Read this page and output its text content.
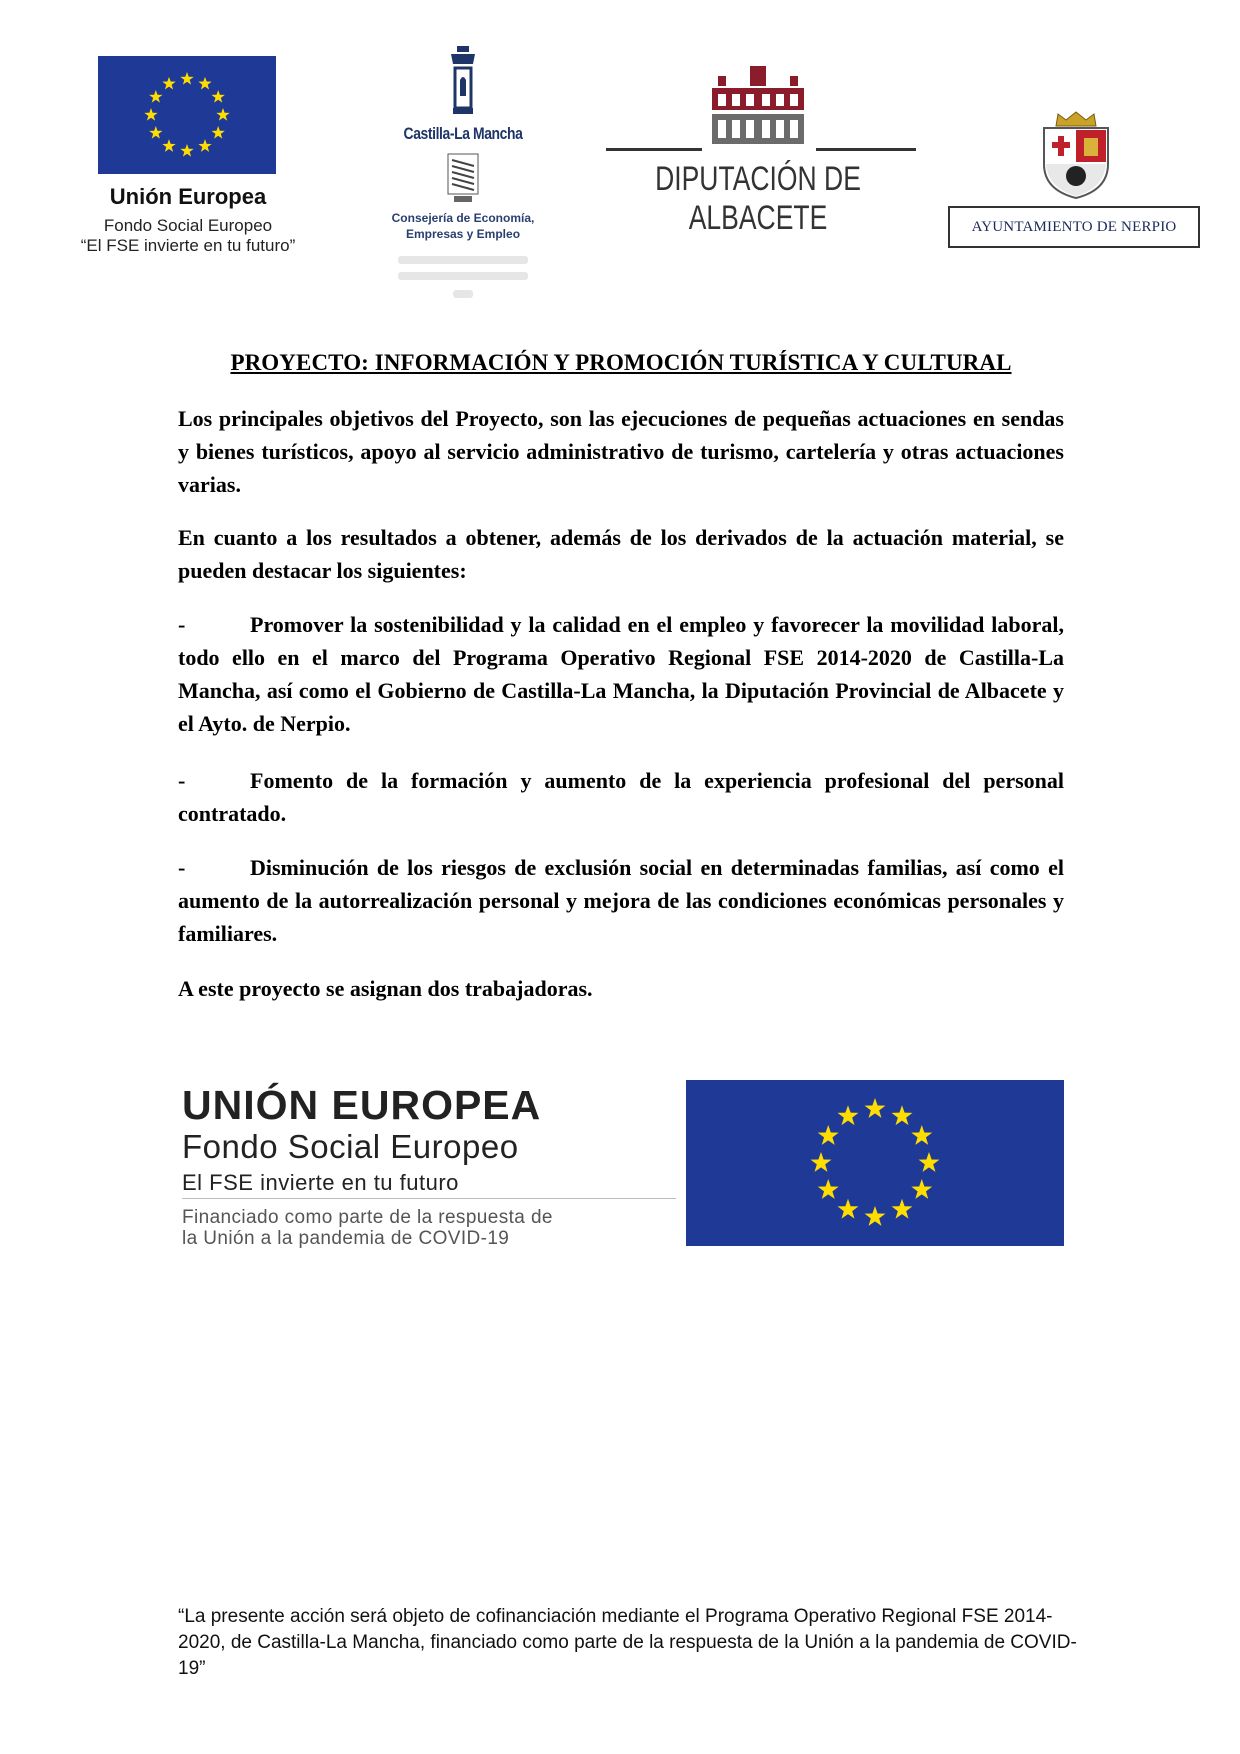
Unión Europea
Fondo Social Europeo
“El FSE invierte en tu futuro”
Castilla-La Mancha
Consejería de Economía,
Empresas y Empleo
DIPUTACIÓN DE ALBACETE	AYUNTAMIENTO DE NERPIO
PROYECTO: INFORMACIÓN Y PROMOCIÓN TURÍSTICA Y CULTURAL
Los principales objetivos del Proyecto, son las ejecuciones de pequeñas actuaciones en sendas y bienes turísticos, apoyo al servicio administrativo de turismo, cartelería y otras actuaciones varias.
En cuanto a los resultados a obtener, además de los derivados de la actuación material, se pueden destacar los siguientes:
-	Promover la sostenibilidad y la calidad en el empleo y favorecer la movilidad laboral, todo ello en el marco del Programa Operativo Regional FSE 2014-2020 de Castilla-La Mancha, así como el Gobierno de Castilla-La Mancha, la Diputación Provincial de Albacete y el Ayto. de Nerpio.
-	Fomento de la formación y aumento de la experiencia profesional del personal contratado.
-	Disminución de los riesgos de exclusión social en determinadas familias, así como el aumento de la autorrealización personal y mejora de las condiciones económicas personales y familiares.
A este proyecto se asignan dos trabajadoras.
UNIÓN EUROPEA
Fondo Social Europeo
El FSE invierte en tu futuro
Financiado como parte de la respuesta de
la Unión a la pandemia de COVID-19
“La presente acción será objeto de cofinanciación mediante el Programa Operativo Regional FSE 2014-2020, de Castilla-La Mancha, financiado como parte de la respuesta de la Unión a la pandemia de COVID-19”
